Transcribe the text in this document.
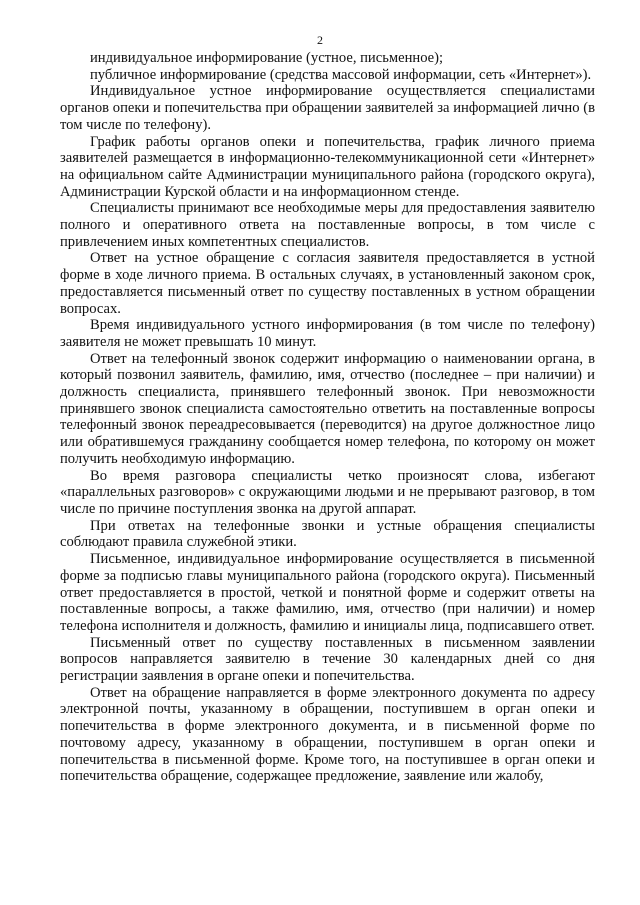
2

индивидуальное информирование (устное, письменное);

публичное информирование (средства массовой информации, сеть «Интернет»).

Индивидуальное устное информирование осуществляется специалистами органов опеки и попечительства при обращении заявителей за информацией лично (в том числе по телефону).

График работы органов опеки и попечительства, график личного приема заявителей размещается в информационно-телекоммуникационной сети «Интернет» на официальном сайте Администрации муниципального района (городского округа), Администрации Курской области и на информационном стенде.

Специалисты принимают все необходимые меры для предоставления заявителю полного и оперативного ответа на поставленные вопросы, в том числе с привлечением иных компетентных специалистов.

Ответ на устное обращение с согласия заявителя предоставляется в устной форме в ходе личного приема. В остальных случаях, в установленный законом срок, предоставляется письменный ответ по существу поставленных в устном обращении вопросах.

Время индивидуального устного информирования (в том числе по телефону) заявителя не может превышать 10 минут.

Ответ на телефонный звонок содержит информацию о наименовании органа, в который позвонил заявитель, фамилию, имя, отчество (последнее – при наличии) и должность специалиста, принявшего телефонный звонок. При невозможности принявшего звонок специалиста самостоятельно ответить на поставленные вопросы телефонный звонок переадресовывается (переводится) на другое должностное лицо или обратившемуся гражданину сообщается номер телефона, по которому он может получить необходимую информацию.

Во время разговора специалисты четко произносят слова, избегают «параллельных разговоров» с окружающими людьми и не прерывают разговор, в том числе по причине поступления звонка на другой аппарат.

При ответах на телефонные звонки и устные обращения специалисты соблюдают правила служебной этики.

Письменное, индивидуальное информирование осуществляется в письменной форме за подписью главы муниципального района (городского округа). Письменный ответ предоставляется в простой, четкой и понятной форме и содержит ответы на поставленные вопросы, а также фамилию, имя, отчество (при наличии) и номер телефона исполнителя и должность, фамилию и инициалы лица, подписавшего ответ.

Письменный ответ по существу поставленных в письменном заявлении вопросов направляется заявителю в течение 30 календарных дней со дня регистрации заявления в органе опеки и попечительства.

Ответ на обращение направляется в форме электронного документа по адресу электронной почты, указанному в обращении, поступившем в орган опеки и попечительства в форме электронного документа, и в письменной форме по почтовому адресу, указанному в обращении, поступившем в орган опеки и попечительства в письменной форме. Кроме того, на поступившее в орган опеки и попечительства обращение, содержащее предложение, заявление или жалобу,
